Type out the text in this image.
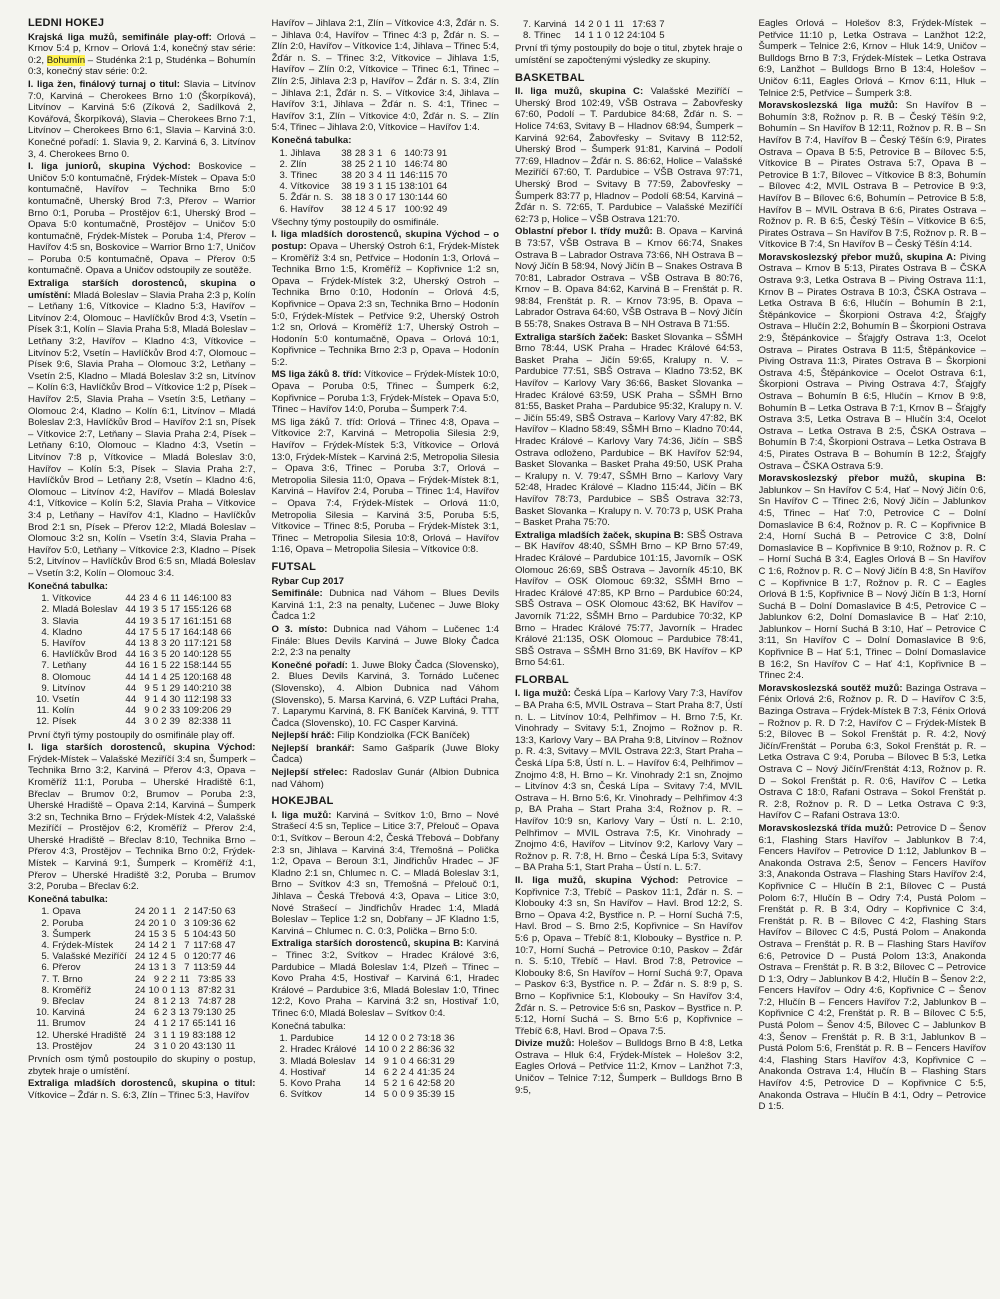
LEDNÍ HOKEJ

Krajská liga mužů, semifinále play-off: Orlová – Krnov 5:4 p, Krnov – Orlová 1:4, konečný stav série: 0:2, Bohumín – Studénka 2:1 p, Studénka – Bohumín 0:3, konečný stav série: 0:2.

I. liga žen, finálový turnaj o titul: Slavia – Litvínov 7:0, Karviná – Cherokees Brno 1:0 (Škorpíková), Litvínov – Karviná 5:6 (Zíková 2, Sadílková 2, Kovářová, Škorpíková), Slavia – Cherokees Brno 7:1, Litvínov – Cherokees Brno 6:1, Slavia – Karviná 3:0. Konečné pořadí: 1. Slavia 9, 2. Karviná 6, 3. Litvínov 3, 4. Cherokees Brno 0.

I. liga juniorů, skupina Východ: Boskovice – Uničov 5:0 kontumačně, Frýdek-Místek – Opava 5:0 kontumačně, Havířov – Technika Brno 5:0 kontumačně, Uherský Brod 7:3, Přerov – Warrior Brno 0:1, Poruba – Prostějov 6:1, Uherský Brod – Opava 5:0 kontumačně, Prostějov – Uničov 5:0 kontumačně, Frýdek-Místek – Poruba 1:4, Přerov – Havířov 4:5 sn, Boskovice – Warrior Brno 1:7, Uničov – Poruba 0:5 kontumačně, Opava – Přerov 0:5 kontumačně. Opava a Uničov odstoupily ze soutěže.

Extraliga starších dorostenců, skupina o umístění: Mladá Boleslav – Slavia Praha 2:3 p, Kolín – Letňany 1:6, Vítkovice – Kladno 5:3, Havířov – Litvínov 2:4, Olomouc – Havlíčkův Brod 4:3, Vsetín – Písek 3:1, Kolín – Slavia Praha 5:8, Mladá Boleslav – Letňany 3:2, Havířov – Kladno 4:3, Vítkovice – Litvínov 5:2, Vsetín – Havlíčkův Brod 4:7, Olomouc – Písek 9:6, Slavia Praha – Olomouc 3:2, Letňany – Vsetín 2:5, Kladno – Mladá Boleslav 3:2 sn, Litvínov – Kolín 6:3, Havlíčkův Brod – Vítkovice 1:2 p, Písek – Havířov 2:5, Slavia Praha – Vsetín 3:5, Letňany – Olomouc 2:4, Kladno – Kolín 6:1, Litvínov – Mladá Boleslav 2:3, Havlíčkův Brod – Havířov 2:1 sn, Písek – Vítkovice 2:7, Letňany – Slavia Praha 2:4, Písek – Letňany 6:10, Olomouc – Kladno 4:3, Vsetín – Litvínov 7:8 p, Vítkovice – Mladá Boleslav 3:0, Havířov – Kolín 5:3, Písek – Slavia Praha 2:7, Havlíčkův Brod – Letňany 2:8, Vsetín – Kladno 4:6, Olomouc – Litvínov 4:2, Havířov – Mladá Boleslav 4:1, Vítkovice – Kolín 5:2, Slavia Praha – Vítkovice 3:4 p, Letňany – Havířov 4:1, Kladno – Havlíčkův Brod 2:1 sn, Písek – Přerov 12:2, Mladá Boleslav – Olomouc 3:2 sn, Kolín – Vsetín 3:4, Slavia Praha – Havířov 5:0, Letňany – Vítkovice 2:3, Kladno – Písek 5:2, Litvínov – Havlíčkův Brod 6:5 sn, Mladá Boleslav – Vsetín 3:2, Kolín – Olomouc 3:4.

Konečná tabulka:

1.	Vítkovice	44	23	4	6	11	146:100	83
2.	Mladá Boleslav	44	19	3	5	17	155:126	68
3.	Slavia	44	19	3	5	17	161:151	68
4.	Kladno	44	17	5	5	17	164:148	66
5.	Havířov	44	13	8	3	20	117:121	58
6.	Havlíčkův Brod	44	16	3	5	20	140:128	55
7.	Letňany	44	16	1	5	22	158:144	55
8.	Olomouc	44	14	1	4	25	120:168	48
9.	Litvínov	44	9	5	1	29	140:210	38
10.	Vsetín	44	9	1	4	30	112:198	33
11.	Kolín	44	9	0	2	33	109:206	29
12.	Písek	44	3	0	2	39	82:338	11

První čtyři týmy postoupily do osmifinále play off.

I. liga starších dorostenců, skupina Východ: Frýdek-Místek – Valašské Meziříčí 3:4 sn, Šumperk – Technika Brno 3:2, Karviná – Přerov 4:3, Opava – Kroměříž 11:1, Poruba – Uherské Hradiště 6:1, Břeclav – Brumov 0:2, Brumov – Poruba 2:3, Uherské Hradiště – Opava 2:14, Karviná – Šumperk 3:2 sn, Technika Brno – Frýdek-Místek 4:2, Valašské Meziříčí – Prostějov 6:2, Kroměříž – Přerov 2:4, Uherské Hradiště – Břeclav 8:10, Technika Brno – Přerov 4:3, Prostějov – Technika Brno 0:2, Frýdek-Místek – Karviná 9:1, Šumperk – Kroměříž 4:1, Přerov – Uherské Hradiště 3:2, Poruba – Brumov 3:2, Poruba – Břeclav 6:2.

Konečná tabulka:

1.	Opava	24	20	1	1	2	147:50	63
2.	Poruba	24	20	1	0	3	109:36	62
3.	Šumperk	24	15	3	5	5	104:43	50
4.	Frýdek-Místek	24	14	2	1	7	117:68	47
5.	Valašské Meziříčí	24	12	4	5	0	120:77	46
6.	Přerov	24	13	1	3	7	113:59	44
7.	T. Brno	24	9	2	2	11	73:85	33
8.	Kroměříž	24	10	0	1	13	87:82	31
9.	Břeclav	24	8	1	2	13	74:87	28
10.	Karviná	24	6	2	3	13	79:130	25
11.	Brumov	24	4	1	2	17	65:141	16
12.	Uherské Hradiště	24	3	1	1	19	83:188	12
13.	Prostějov	24	3	1	0	20	43:130	11

Prvních osm týmů postoupilo do skupiny o postup, zbytek hraje o umístění.

Extraliga mladších dorostenců, skupina o titul: Vítkovice – Žďár n. S. 6:3, Zlín – Třinec 5:3, Havířov

Havířov – Jihlava 2:1, Zlín – Vítkovice 4:3, Žďár n. S. – Jihlava 0:4, Havířov – Třinec 4:3 p, Žďár n. S. – Zlín 2:0, Havířov – Vítkovice 1:4, Jihlava – Třinec 5:4, Žďár n. S. – Třinec 3:2, Vítkovice – Jihlava 1:5, Havířov – Zlín 0:2, Vítkovice – Třinec 6:1, Třinec – Zlín 2:5, Jihlava 2:3 p, Havířov – Žďár n. S. 3:4, Zlín – Jihlava 2:1, Žďár n. S. – Vítkovice 3:4, Jihlava – Havířov 3:1, Jihlava – Žďár n. S. 4:1, Třinec – Havířov 3:1, Zlín – Vítkovice 4:0, Žďár n. S. – Zlín 5:4, Třinec – Jihlava 2:0, Vítkovice – Havířov 1:4.

Konečná tabulka:

1.	Jihlava	38	28	3	1	6	140:73	91
2.	Zlín	38	25	2	1	10	146:74	80
3.	Třinec	38	20	3	4	11	146:115	70
4.	Vítkovice	38	19	3	1	15	138:101	64
5.	Žďár n. S.	38	18	3	0	17	130:144	60
6.	Havířov	38	12	4	5	17	100:92	49

Všechny týmy postoupily do osmifinále.

I. liga mladších dorostenců, skupina Východ – o postup: Opava – Uherský Ostroh 6:1, Frýdek-Místek – Kroměříž 3:4 sn, Petřvice – Hodonín 1:3, Orlová – Technika Brno 1:5, Kroměříž – Kopřivnice 1:2 sn, Opava – Frýdek-Místek 3:2, Uherský Ostroh – Technika Brno 0:10, Hodonín – Orlová 4:5, Kopřivnice – Opava 2:3 sn, Technika Brno – Hodonín 5:0, Frýdek-Místek – Petřvice 9:2, Uherský Ostroh 1:2 sn, Orlová – Kroměříž 1:7, Uherský Ostroh – Hodonín 5:0 kontumačně, Opava – Orlová 10:1, Kopřivnice – Technika Brno 2:3 p, Opava – Hodonín 5:2.

MS liga žáků 8. tříd: Vítkovice – Frýdek-Místek 10:0, Opava – Poruba 0:5, Třinec – Šumperk 6:2, Kopřivnice – Poruba 1:3, Frýdek-Místek – Opava 5:0, Třinec – Havířov 14:0, Poruba – Šumperk 7:4.

MS liga žáků 7. tříd: Orlová – Třinec 4:8, Opava – Vítkovice 2:7, Karviná – Metropolia Silesia 2:9, Havířov – Frýdek-Místek 5:3, Vítkovice – Orlová 13:0, Frýdek-Místek – Karviná 2:5, Metropolia Silesia – Opava 3:6, Třinec – Poruba 3:7, Orlová – Metropolia Silesia 11:0, Opava – Frýdek-Místek 8:1, Karviná – Havířov 2:4, Poruba – Třinec 1:4, Havířov – Opava 7:4, Frýdek-Místek – Orlová 11:0, Metropolia Silesia – Karviná 3:5, Poruba 5:5, Vítkovice – Třinec 8:5, Poruba – Frýdek-Místek 3:1, Třinec – Metropolia Silesia 10:8, Orlová – Havířov 1:16, Opava – Metropolia Silesia – Vítkovice 0:8.

FUTSAL

Rybar Cup 2017

Semifinále: Dubnica nad Váhom – Blues Devils Karviná 1:1, 2:3 na penalty, Lučenec – Juwe Bloky Čadca 1:2

O 3. místo: Dubnica nad Váhom – Lučenec 1:4 Finále: Blues Devils Karviná – Juwe Bloky Čadca 2:2, 2:3 na penalty

Konečné pořadí: 1. Juwe Bloky Čadca (Slovensko), 2. Blues Devils Karviná, 3. Tornádo Lučenec (Slovensko), 4. Albion Dubnica nad Váhom (Slovensko), 5. Marsa Karviná, 6. VZP Luftáci Praha, 7. Laparymu Karviná, 8. FK Baníček Karviná, 9. TTT Čadca (Slovensko), 10. FC Casper Karviná.

Nejlepší hráč: Filip Kondziolka (FCK Baníček)

Nejlepší brankář: Samo Gašparík (Juwe Bloky Čadca)

Nejlepší střelec: Radoslav Gunár (Albion Dubnica nad Váhom)

HOKEJBAL

I. liga mužů: Karviná – Svítkov 1:0, Brno – Nové Strašecí 4:5 sn, Teplice – Litice 3:7, Přelouč – Opava 0:1, Svítkov – Beroun 4:2, Česká Třebová – Dobřany 2:3 sn, Jihlava – Karviná 3:4, Třemošná – Polička 1:2, Opava – Beroun 3:1, Jindřichův Hradec – JF Kladno 2:1 sn, Chlumec n. C. – Mladá Boleslav 3:1, Brno – Svítkov 4:3 sn, Třemošná – Přelouč 0:1, Jihlava – Česká Třebová 4:3, Opava – Litice 3:0, Nové Strašecí – Jindřichův Hradec 1:4, Mladá Boleslav – Teplice 1:2 sn, Dobřany – JF Kladno 1:5, Karviná – Chlumec n. C. 0:3, Polička – Brno 5:0.

Extraliga starších dorostenců, skupina B: Karviná – Třinec 3:2, Svítkov – Hradec Králové 3:6, Pardubice – Mladá Boleslav 1:4, Plzeň – Třinec – Kovo Praha 4:5, Hostivař – Karviná 6:1, Hradec Králové – Pardubice 3:6, Mladá Boleslav 1:0, Třinec 12:2, Kovo Praha – Karviná 3:2 sn, Hostivař 1:0, Třinec 6:0, Mladá Boleslav – Svítkov 0:4.

Konečná tabulka:

1.	Pardubice	14	12	0	0	2	73:18	36
2.	Hradec Králové	14	10	0	2	2	86:36	32
3.	Mladá Boleslav	14	9	1	0	4	66:31	29
4.	Hostivař	14	6	2	2	4	41:35	24
5.	Kovo Praha	14	5	2	1	6	42:58	20
6.	Svítkov	14	5	0	0	9	35:39	15
7.	Karviná	14	2	0	1	11	17:63	7
8.	Třinec	14	1	1	0	12	24:104	5

První tři týmy postoupily do boje o titul, zbytek hraje o umístění se započtenými výsledky ze skupiny.

BASKETBAL

II. liga mužů, skupina C: Valašské Meziříčí – Uherský Brod 102:49, VŠB Ostrava – Žabovřesky 67:60, Podolí – T. Pardubice 84:68, Žďár n. S. – Holice 74:63, Svitavy B – Hladnov 68:94, Šumperk – Karviná 92:64, Žabovřesky – Svitavy B 112:52, Uherský Brod – Šumperk 91:81, Karviná – Podolí 77:69, Hladnov – Žďár n. S. 86:62, Holice – Valašské Meziříčí 67:60, T. Pardubice – VŠB Ostrava 97:71, Uherský Brod – Svitavy B 77:59, Žabovřesky – Šumperk 83:77 p, Hladnov – Podolí 68:54, Karviná – Žďár n. S. 72:65, T. Pardubice – Valašské Meziříčí 62:73 p, Holice – VŠB Ostrava 121:70.

Oblastní přebor I. třídy mužů: B. Opava – Karviná B 73:57, VŠB Ostrava B – Krnov 66:74, Snakes Ostrava B – Labrador Ostrava 73:66, NH Ostrava B – Nový Jičín B 58:94, Nový Jičín B – Snakes Ostrava B 70:81, Labrador Ostrava – VŠB Ostrava B 80:76, Krnov – B. Opava 84:62, Karviná B – Frenštát p. R. 98:84, Frenštát p. R. – Krnov 73:95, B. Opava – Labrador Ostrava 64:60, VŠB Ostrava B – Nový Jičín B 55:78, Snakes Ostrava B – NH Ostrava B 71:55.

Extraliga starších žaček: Basket Slovanka – SŠMH Brno 78:44, USK Praha – Hradec Králové 64:53, Basket Praha – Jičín 59:65, Kralupy n. V. – Pardubice 77:51, SBŠ Ostrava – Kladno 73:52, BK Havířov – Karlovy Vary 36:66, Basket Slovanka – Hradec Králové 63:59, USK Praha – SŠMH Brno 81:55, Basket Praha – Pardubice 95:32, Kralupy n. V. – Jičín 55:49, SBŠ Ostrava – Karlovy Vary 47:82, BK Havířov – Kladno 58:49, SŠMH Brno – Kladno 70:44, Hradec Králové – Karlovy Vary 74:36, Jičín – SBŠ Ostrava odloženo, Pardubice – BK Havířov 52:94, Basket Slovanka – Basket Praha 49:50, USK Praha – Kralupy n. V. 79:47, SŠMH Brno – Karlovy Vary 52:48, Hradec Králové – Kladno 115:44, Jičín – BK Havířov 78:73, Pardubice – SBŠ Ostrava 32:73, Basket Slovanka – Kralupy n. V. 70:73 p, USK Praha – Basket Praha 75:70.

Extraliga mladších žaček, skupina B: SBŠ Ostrava – BK Havířov 48:40, SŠMH Brno – KP Brno 57:49, Hradec Králové – Pardubice 101:15, Javorník – OSK Olomouc 26:69, SBŠ Ostrava – Javorník 45:10, BK Havířov – OSK Olomouc 69:32, SŠMH Brno – Hradec Králové 47:85, KP Brno – Pardubice 60:24, SBŠ Ostrava – OSK Olomouc 43:62, BK Havířov – Javorník 71:22, SŠMH Brno – Pardubice 70:32, KP Brno – Hradec Králové 75:77, Javorník – Hradec Králové 21:135, OSK Olomouc – Pardubice 78:41, SBŠ Ostrava – SŠMH Brno 31:69, BK Havířov – KP Brno 54:61.

FLORBAL

I. liga mužů: Česká Lípa – Karlovy Vary 7:3, Havířov – BA Praha 6:5, MVIL Ostrava – Start Praha 8:7, Ústí n. L. – Litvínov 10:4, Pelhřimov – H. Brno 7:5, Kr. Vinohrady – Svitavy 5:1, Znojmo – Rožnov p. R. 13:3, Karlovy Vary – BA Praha 9:8, Litvínov – Rožnov p. R. 4:3, Svitavy – MVIL Ostrava 22:3, Start Praha – Česká Lípa 5:8, Ústí n. L. – Havířov 6:4, Pelhřimov – Znojmo 4:8, H. Brno – Kr. Vinohrady 2:1 sn, Znojmo – Litvínov 4:3 sn, Česká Lípa – Svitavy 7:4, MVIL Ostrava – H. Brno 5:6, Kr. Vinohrady – Pelhřimov 4:3 p, BA Praha – Start Praha 3:4, Rožnov p. R. – Havířov 10:9 sn, Karlovy Vary – Ústí n. L. 2:10, Pelhřimov – MVIL Ostrava 7:5, Kr. Vinohrady – Znojmo 4:6, Havířov – Litvínov 9:2, Karlovy Vary – Rožnov p. R. 7:8, H. Brno – Česká Lípa 5:3, Svitavy – BA Praha 5:1, Start Praha – Ústí n. L. 5:7.

II. liga mužů, skupina Východ: Petrovice – Kopřivnice 7:3, Třebíč – Paskov 11:1, Žďár n. S. – Klobouky 4:3 sn, Sn Havířov – Havl. Brod 12:2, S. Brno – Opava 4:2, Bystřice n. P. – Horní Suchá 7:5, Havl. Brod – S. Brno 2:5, Kopřivnice – Sn Havířov 5:6 p, Opava – Třebíč 8:1, Klobouky – Bystřice n. P. 10:7, Horní Suchá – Petrovice 0:10, Paskov – Žďár n. S. 5:10, Třebíč – Havl. Brod 7:8, Petrovice – Klobouky 8:6, Sn Havířov – Horní Suchá 9:7, Opava – Paskov 6:3, Bystřice n. P. – Žďár n. S. 8:9 p, S. Brno – Kopřivnice 5:1, Klobouky – Sn Havířov 3:4, Žďár n. S. – Petrovice 5:6 sn, Paskov – Bystřice n. P. 5:12, Horní Suchá – S. Brno 5:6 p, Kopřivnice – Třebíč 6:8, Havl. Brod – Opava 7:5.

Divize mužů: Holešov – Bulldogs Brno B 4:8, Letka Ostrava – Hluk 6:4, Frýdek-Místek – Holešov 3:2, Eagles Orlová – Petřvice 11:2, Krnov – Lanžhot 7:3, Uničov – Telnice 7:12, Šumperk – Bulldogs Brno B 9:5,

Eagles Orlová – Holešov 8:3, Frýdek-Místek – Petřvice 11:10 p, Letka Ostrava – Lanžhot 12:2, Šumperk – Telnice 2:6, Krnov – Hluk 14:9, Uničov – Bulldogs Brno B 7:3, Frýdek-Místek – Letka Ostrava 6:9, Lanžhot – Bulldogs Brno B 13:4, Holešov – Uničov 6:11, Eagles Orlová – Krnov 6:11, Hluk – Telnice 2:5, Petřvice – Šumperk 3:8.

Moravskoslezská liga mužů: Sn Havířov B – Bohumín 3:8, Rožnov p. R. B – Český Těšín 9:2, Bohumín – Sn Havířov B 12:11, Rožnov p. R. B – Sn Havířov B 7:4, Havířov B – Český Těšín 6:9, Pirates Ostrava – Opava B 5:5, Petrovice B – Bílovec 5:5, Vítkovice B – Pirates Ostrava 5:7, Opava B – Petrovice B 1:7, Bílovec – Vítkovice B 8:3, Bohumín – Bílovec 4:2, MVIL Ostrava B – Petrovice B 9:3, Havířov B – Bílovec 6:6, Bohumín – Petrovice B 5:8, Havířov B – MVIL Ostrava B 6:6, Pirates Ostrava – Rožnov p. R. B 6:5, Český Těšín – Vítkovice B 6:5, Pirates Ostrava – Sn Havířov B 7:5, Rožnov p. R. B – Vítkovice B 7:4, Sn Havířov B – Český Těšín 4:14.

Moravskoslezský přebor mužů, skupina A: Piving Ostrava – Krnov B 5:13, Pirates Ostrava B – ČSKA Ostrava 9:3, Letka Ostrava B – Piving Ostrava 11:1, Krnov B – Pirates Ostrava B 10:3, ČSKA Ostrava – Letka Ostrava B 6:6, Hlučín – Bohumín B 2:1, Štěpánkovice – Škorpioni Ostrava 4:2, Šťajgřy Ostrava – Hlučín 2:2, Bohumín B – Škorpioni Ostrava 2:9, Štěpánkovice – Šťajgřy Ostrava 1:3, Ocelot Ostrava – Pirates Ostrava B 11:5, Štěpánkovice – Piving Ostrava 11:3, Pirates Ostrava B – Škorpioni Ostrava 4:5, Štěpánkovice – Ocelot Ostrava 6:1, Škorpioni Ostrava – Piving Ostrava 4:7, Šťajgřy Ostrava – Bohumín B 6:5, Hlučín – Krnov B 9:8, Bohumín B – Letka Ostrava B 7:1, Krnov B – Šťajgřy Ostrava 3:5, Letka Ostrava B – Hlučín 3:4, Ocelot Ostrava – Letka Ostrava B 2:5, ČSKA Ostrava – Bohumín B 7:4, Škorpioni Ostrava – Letka Ostrava B 4:5, Pirates Ostrava B – Bohumín B 12:2, Šťajgřy Ostrava – ČSKA Ostrava 5:9.

Moravskoslezský přebor mužů, skupina B: Jablunkov – Sn Havířov C 5:4, Hať – Nový Jičín 0:6, Sn Havířov C – Třinec 2:6, Nový Jičín – Jablunkov 4:5, Třinec – Hať 7:0, Petrovice C – Dolní Domaslavice B 6:4, Rožnov p. R. C – Kopřivnice B 2:4, Horní Suchá B – Petrovice C 3:8, Dolní Domaslavice B – Kopřivnice B 9:10, Rožnov p. R. C – Horní Suchá B 3:4, Eagles Orlová B – Sn Havířov C 1:6, Rožnov p. R. C – Nový Jičín B 4:8, Sn Havířov C – Kopřivnice B 1:7, Rožnov p. R. C – Eagles Orlová B 1:5, Kopřivnice B – Nový Jičín B 1:3, Horní Suchá B – Dolní Domaslavice B 4:5, Petrovice C – Jablunkov 6:2, Dolní Domaslavice B – Hať 2:10, Jablunkov – Horní Suchá B 3:10, Hať – Petrovice C 3:11, Sn Havířov C – Dolní Domaslavice B 9:6, Kopřivnice B – Hať 5:1, Třinec – Dolní Domaslavice B 16:2, Sn Havířov C – Hať 4:1, Kopřivnice B – Třinec 2:4.

Moravskoslezská soutěž mužů: Bazinga Ostrava – Fénix Orlová 2:6, Rožnov p. R. D – Havířov C 3:5, Bazinga Ostrava – Frýdek-Místek B 7:3, Fénix Orlová – Rožnov p. R. D 7:2, Havířov C – Frýdek-Místek B 5:2, Bílovec B – Sokol Frenštát p. R. 4:2, Nový Jičín/Frenštát – Poruba 6:3, Sokol Frenštát p. R. – Letka Ostrava C 9:4, Poruba – Bílovec B 5:3, Letka Ostrava C – Nový Jičín/Frenštát 4:13, Rožnov p. R. D – Sokol Frenštát p. R. 0:6, Havířov C – Letka Ostrava C 18:0, Rafani Ostrava – Sokol Frenštát p. R. 2:8, Rožnov p. R. D – Letka Ostrava C 9:3, Havířov C – Rafani Ostrava 13:0.

Moravskoslezská třída mužů: Petrovice D – Šenov 6:1, Flashing Stars Havířov – Jablunkov B 7:4, Fencers Havířov – Petrovice D 1:12, Jablunkov B – Anakonda Ostrava 2:5, Šenov – Fencers Havířov 3:3, Anakonda Ostrava – Flashing Stars Havířov 2:4, Kopřivnice C – Hlučín B 2:1, Bílovec C – Pustá Polom 6:7, Hlučín B – Odry 7:4, Pustá Polom – Frenštát p. R. B 3:4, Odry – Kopřivnice C 3:4, Frenštát p. R. B – Bílovec C 4:2, Flashing Stars Havířov – Bílovec C 4:5, Pustá Polom – Anakonda Ostrava – Frenštát p. R. B – Flashing Stars Havířov 6:6, Petrovice D – Pustá Polom 13:3, Anakonda Ostrava – Frenštát p. R. B 3:2, Bílovec C – Petrovice D 1:3, Odry – Jablunkov B 4:2, Hlučín B – Šenov 2:2, Fencers Havířov – Odry 4:6, Kopřivnice C – Šenov 7:2, Hlučín B – Fencers Havířov 7:2, Jablunkov B – Kopřivnice C 4:2, Frenštát p. R. B – Bílovec C 5:5, Pustá Polom – Šenov 4:5, Bílovec C – Jablunkov B 4:3, Šenov – Frenštát p. R. B 3:1, Jablunkov B – Pustá Polom 5:6, Frenštát p. R. B – Fencers Havířov 4:4, Flashing Stars Havířov 4:3, Kopřivnice C – Anakonda Ostrava 1:4, Hlučín B – Flashing Stars Havířov 4:5, Petrovice D – Kopřivnice C 5:5, Anakonda Ostrava – Hlučín B 4:1, Odry – Petrovice D 1:5.
